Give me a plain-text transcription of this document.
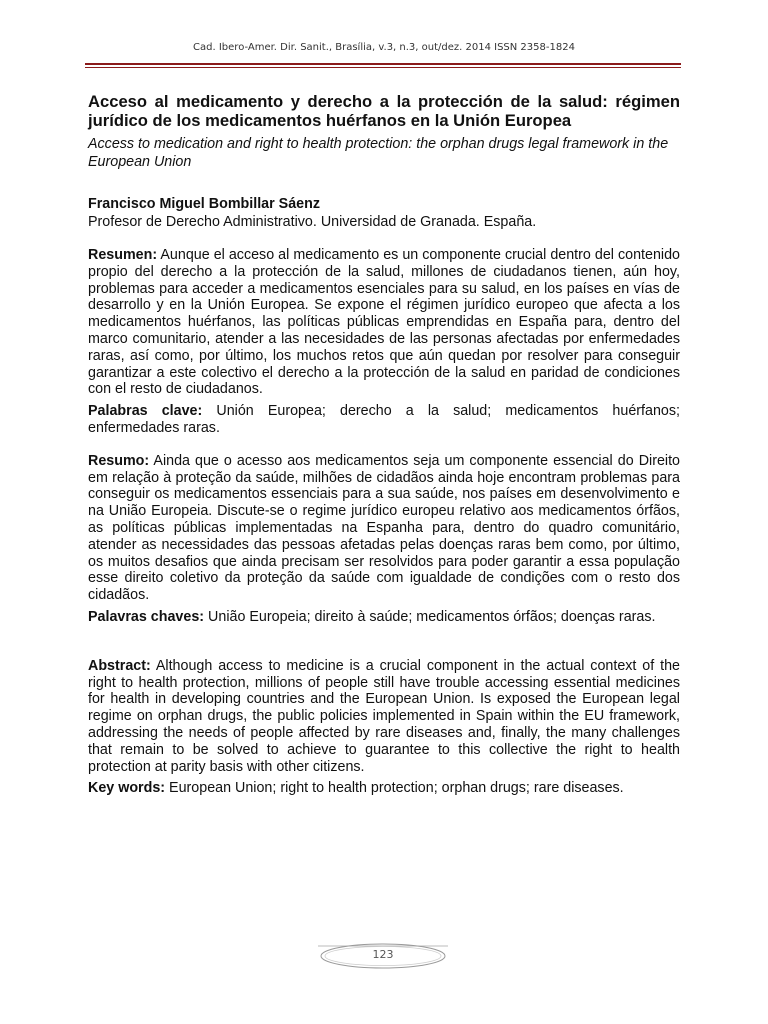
Cad. Ibero-Amer. Dir. Sanit., Brasília, v.3, n.3, out/dez. 2014 ISSN 2358-1824
Acceso al medicamento y derecho a la protección de la salud: régimen jurídico de los medicamentos huérfanos en la Unión Europea

Access to medication and right to health protection: the orphan drugs legal framework in the European Union

Francisco Miguel Bombillar Sáenz

Profesor de Derecho Administrativo. Universidad de Granada. España.

Resumen: Aunque el acceso al medicamento es un componente crucial dentro del contenido propio del derecho a la protección de la salud, millones de ciudadanos tienen, aún hoy, problemas para acceder a medicamentos esenciales para su salud, en los países en vías de desarrollo y en la Unión Europea. Se expone el régimen jurídico europeo que afecta a los medicamentos huérfanos, las políticas públicas emprendidas en España para, dentro del marco comunitario, atender a las necesidades de las personas afectadas por enfermedades raras, así como, por último, los muchos retos que aún quedan por resolver para conseguir garantizar a este colectivo el derecho a la protección de la salud en paridad de condiciones con el resto de ciudadanos.

Palabras clave: Unión Europea; derecho a la salud; medicamentos huérfanos; enfermedades raras.

Resumo: Ainda que o acesso aos medicamentos seja um componente essencial do Direito em relação à proteção da saúde, milhões de cidadãos ainda hoje encontram problemas para conseguir os medicamentos essenciais para a sua saúde, nos países em desenvolvimento e na União Europeia. Discute-se o regime jurídico europeu relativo aos medicamentos órfãos, as políticas públicas implementadas na Espanha para, dentro do quadro comunitário, atender as necessidades das pessoas afetadas pelas doenças raras bem como, por último, os muitos desafios que ainda precisam ser resolvidos para poder garantir a essa população esse direito coletivo da proteção da saúde com igualdade de condições com o resto dos cidadãos.

Palavras chaves: União Europeia; direito à saúde; medicamentos órfãos; doenças raras.

Abstract: Although access to medicine is a crucial component in the actual context of the right to health protection, millions of people still have trouble accessing essential medicines for health in developing countries and the European Union. Is exposed the European legal regime on orphan drugs, the public policies implemented in Spain within the EU framework, addressing the needs of people affected by rare diseases and, finally, the many challenges that remain to be solved to achieve to guarantee to this collective the right to health protection at parity basis with other citizens.

Key words: European Union; right to health protection; orphan drugs; rare diseases.

123
